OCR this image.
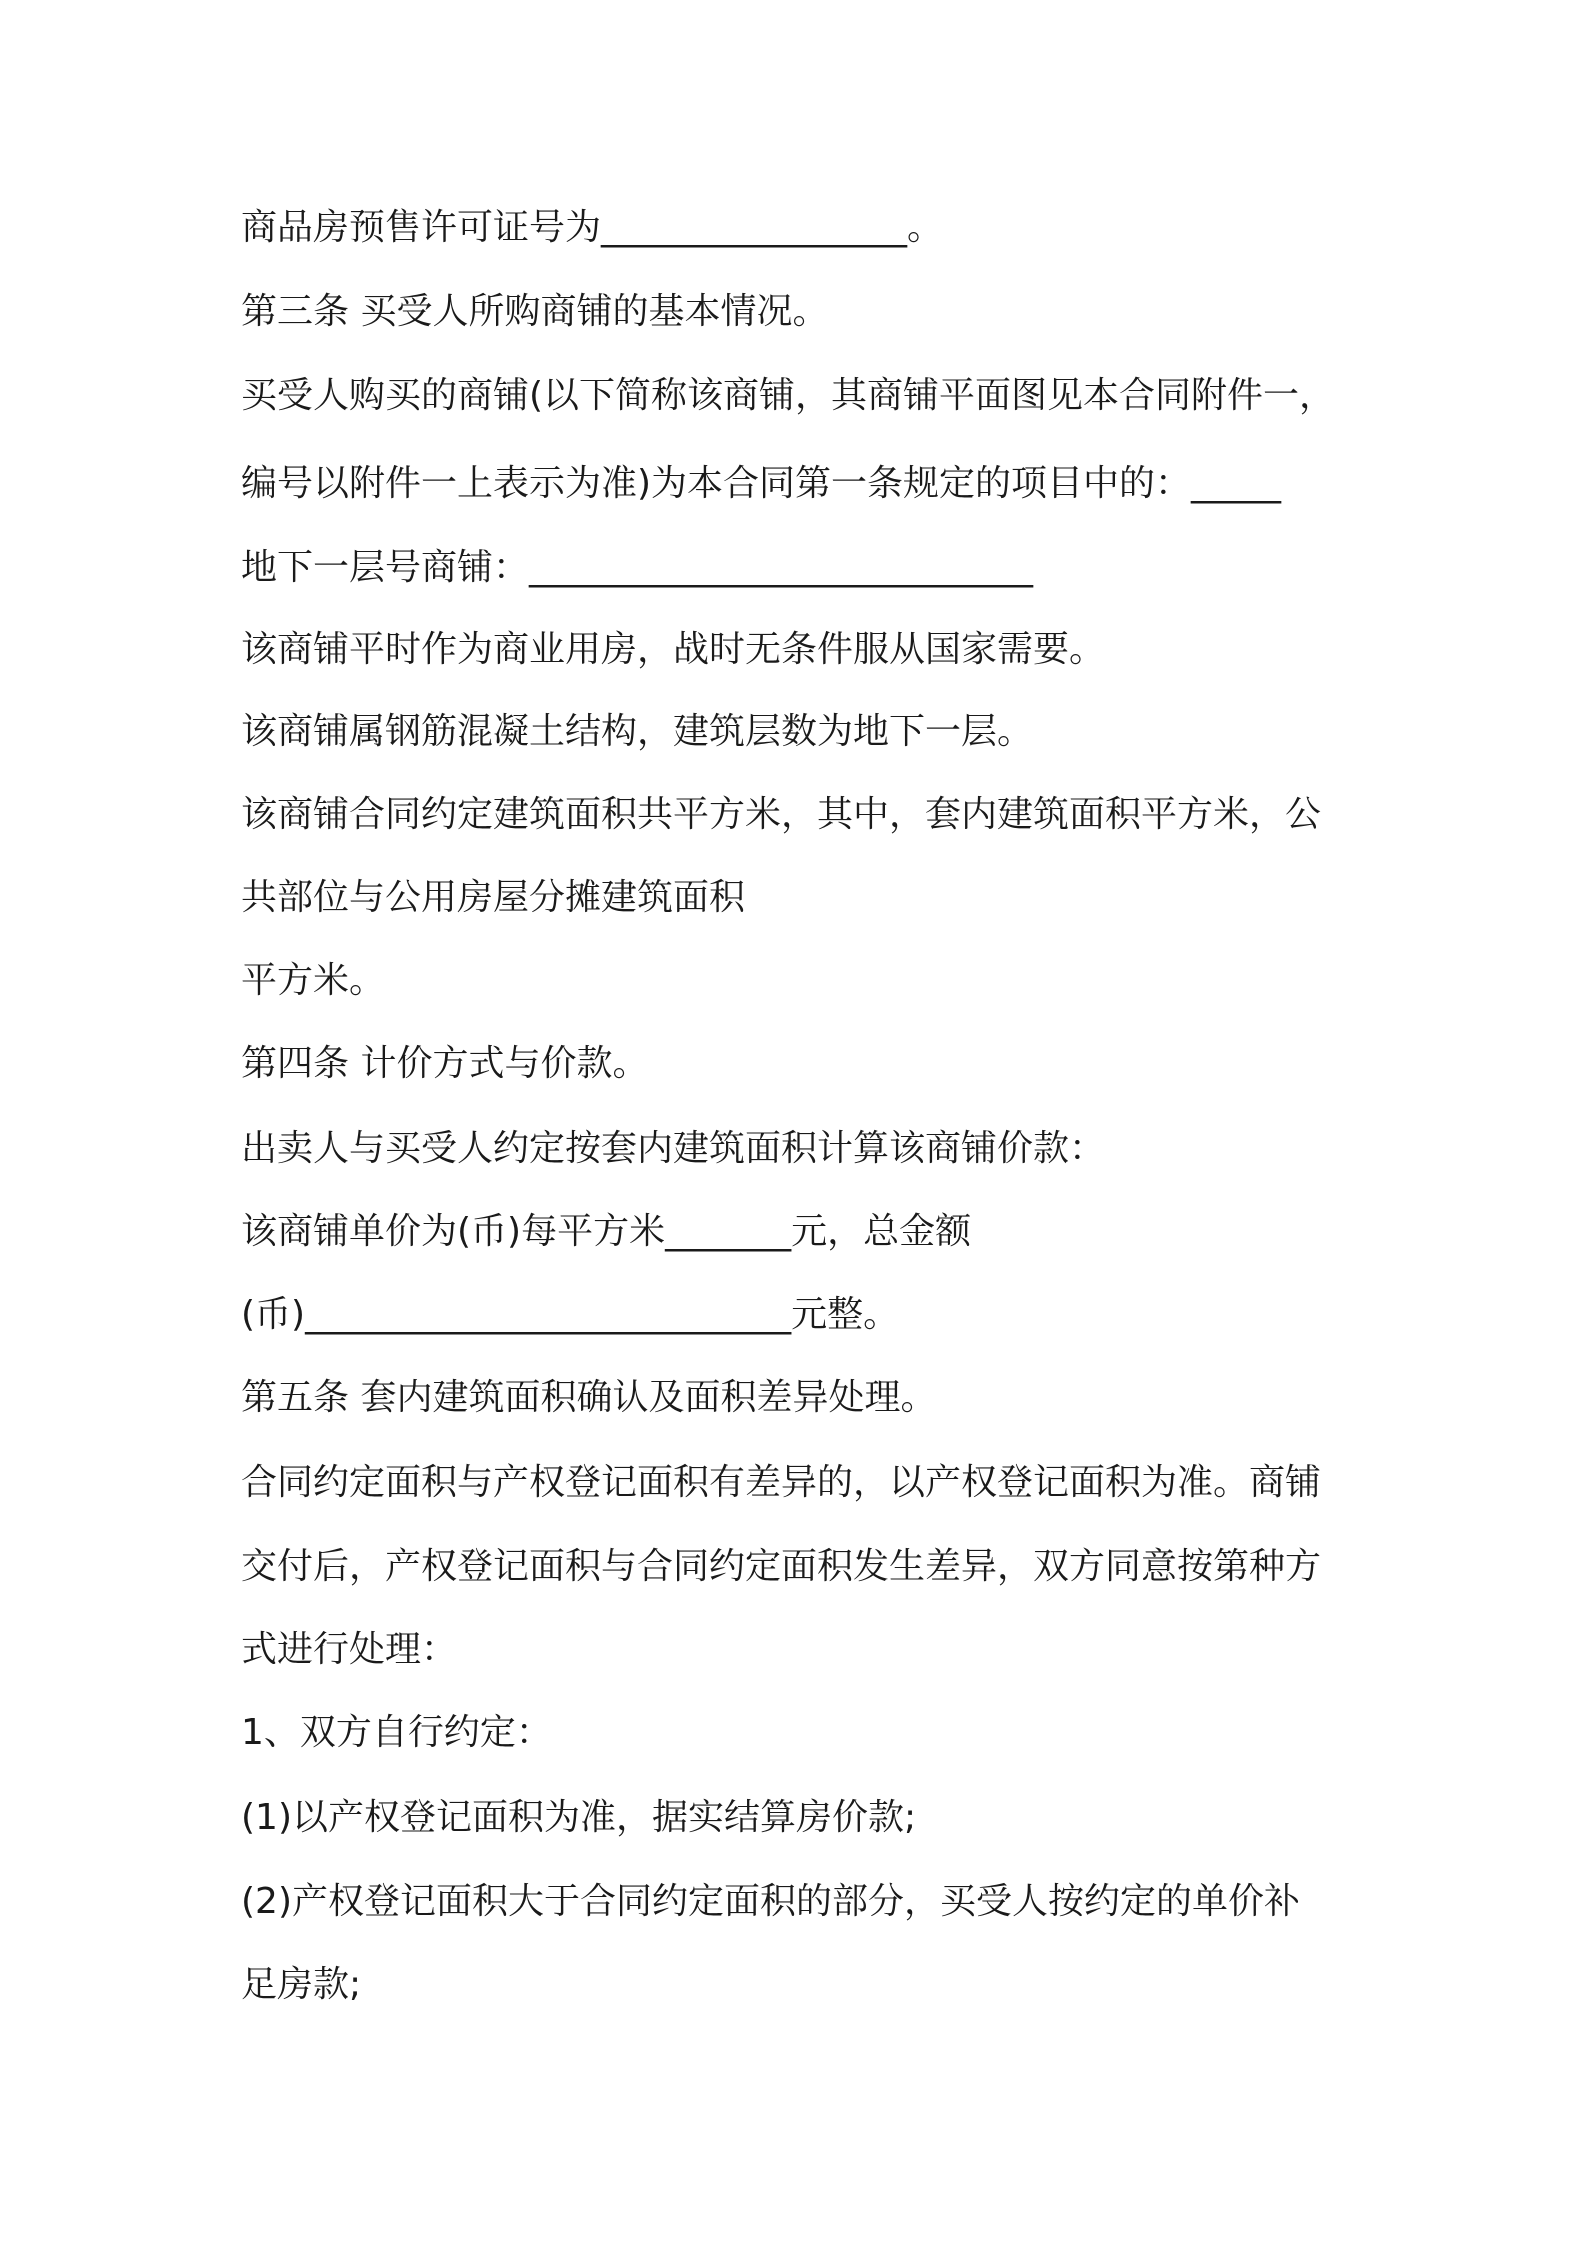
商品房预售许可证号为_________________。

第三条 买受人所购商铺的基本情况。

买受人购买的商铺(以下简称该商铺，其商铺平面图见本合同附件一，

编号以附件一上表示为准)为本合同第一条规定的项目中的：_____

地下一层号商铺：____________________________

该商铺平时作为商业用房，战时无条件服从国家需要。

该商铺属钢筋混凝土结构，建筑层数为地下一层。

该商铺合同约定建筑面积共平方米，其中，套内建筑面积平方米，公

共部位与公用房屋分摊建筑面积

平方米。

第四条 计价方式与价款。

出卖人与买受人约定按套内建筑面积计算该商铺价款：

该商铺单价为(币)每平方米_______元，总金额

(币)___________________________元整。

第五条 套内建筑面积确认及面积差异处理。

合同约定面积与产权登记面积有差异的，以产权登记面积为准。商铺

交付后，产权登记面积与合同约定面积发生差异，双方同意按第种方

式进行处理：

1、双方自行约定：

(1)以产权登记面积为准，据实结算房价款;

(2)产权登记面积大于合同约定面积的部分，买受人按约定的单价补

足房款;
